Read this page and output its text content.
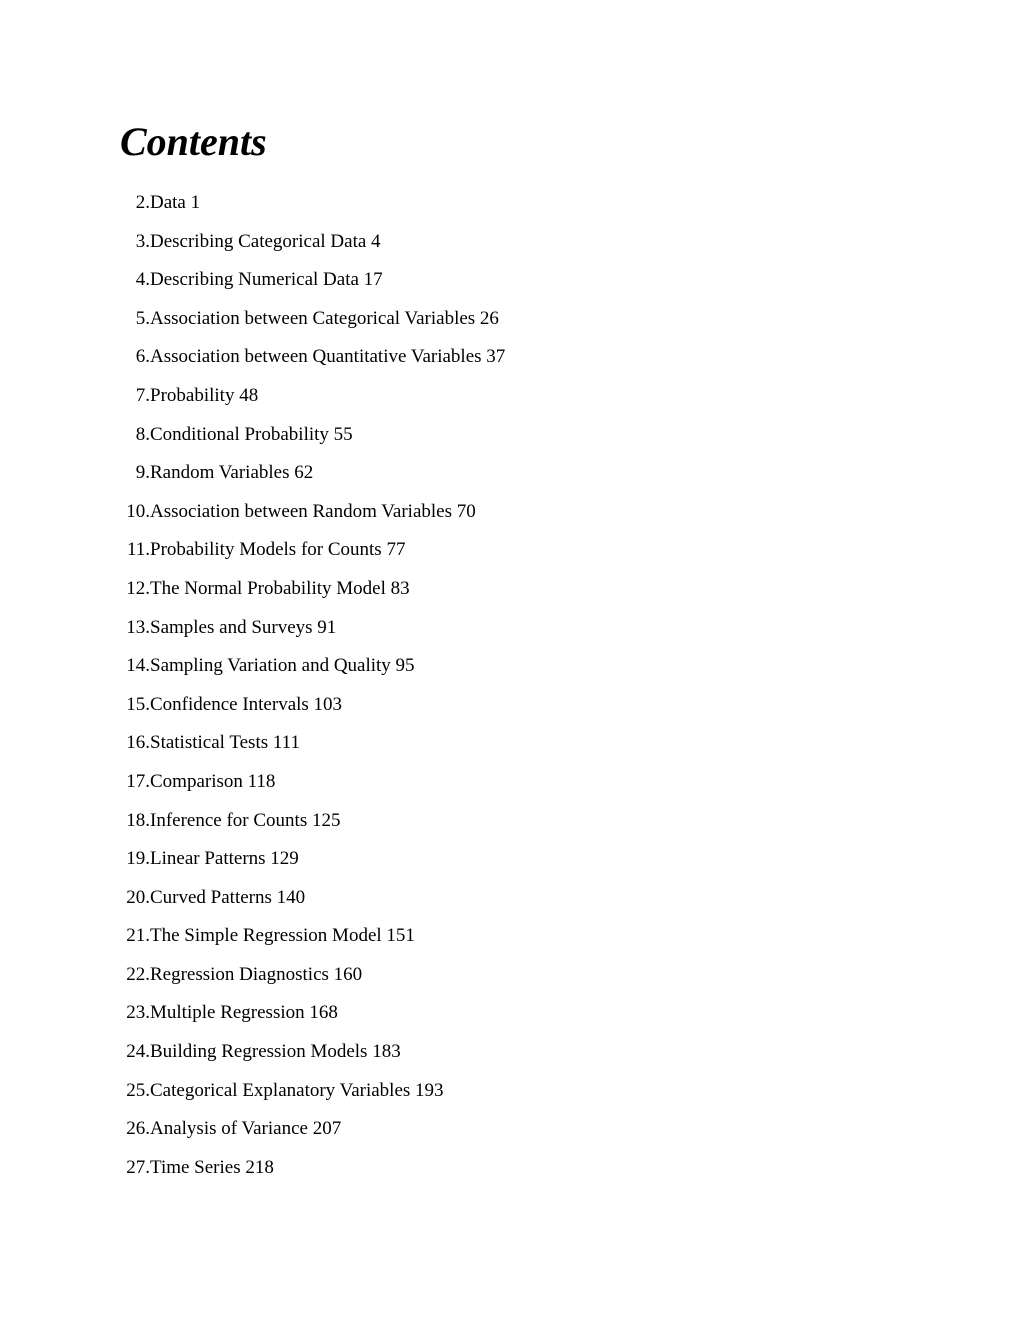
Contents
2. Data 1
3. Describing Categorical Data 4
4. Describing Numerical Data 17
5. Association between Categorical Variables 26
6. Association between Quantitative Variables 37
7. Probability 48
8. Conditional Probability 55
9. Random Variables 62
10. Association between Random Variables 70
11. Probability Models for Counts 77
12. The Normal Probability Model 83
13. Samples and Surveys 91
14. Sampling Variation and Quality 95
15. Confidence Intervals 103
16. Statistical Tests 111
17. Comparison 118
18. Inference for Counts 125
19. Linear Patterns 129
20. Curved Patterns 140
21. The Simple Regression Model 151
22. Regression Diagnostics 160
23. Multiple Regression 168
24. Building Regression Models 183
25. Categorical Explanatory Variables 193
26. Analysis of Variance 207
27. Time Series 218
